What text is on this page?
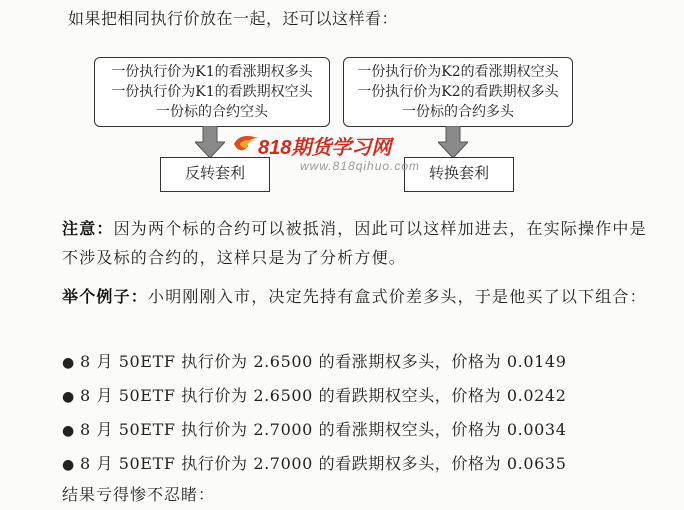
如果把相同执行价放在一起，还可以这样看：
一份执行价为K1的看涨期权多头
一份执行价为K1的看跌期权空头
一份标的合约空头
一份执行价为K2的看涨期权空头
一份执行价为K2的看跌期权多头
一份标的合约多头
反转套利	转换套利
818期货学习网
www.818qihuo.com
注意：因为两个标的合约可以被抵消，因此可以这样加进去，在实际操作中是不涉及标的合约的，这样只是为了分析方便。
举个例子：小明刚刚入市，决定先持有盒式价差多头，于是他买了以下组合：
● 8 月 50ETF 执行价为 2.6500 的看涨期权多头，价格为 0.0149
● 8 月 50ETF 执行价为 2.6500 的看跌期权空头，价格为 0.0242
● 8 月 50ETF 执行价为 2.7000 的看涨期权空头，价格为 0.0034
● 8 月 50ETF 执行价为 2.7000 的看跌期权多头，价格为 0.0635
结果亏得惨不忍睹：
